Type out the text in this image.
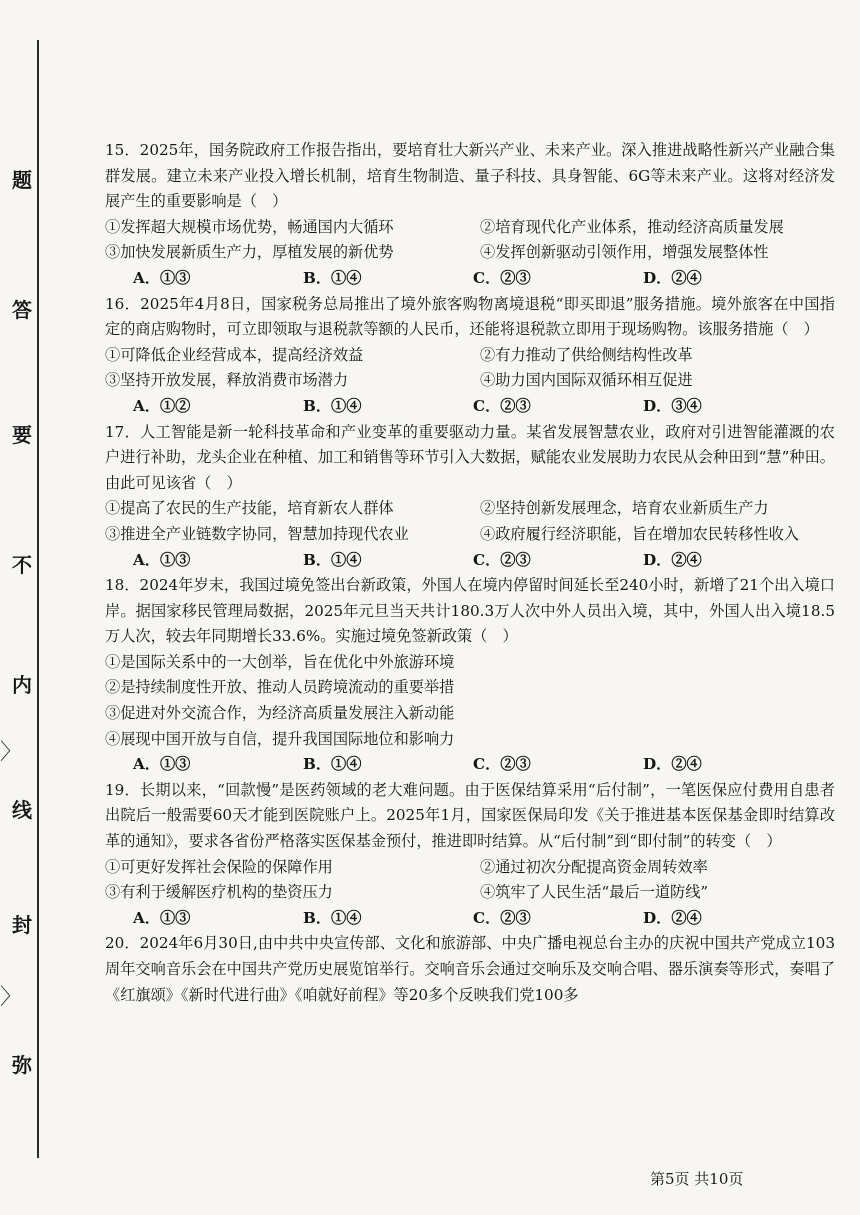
题
答
要
不
内
〉
线
封
〉
弥
15．2025年，国务院政府工作报告指出，要培育壮大新兴产业、未来产业。深入推进战略性新兴产业融合集群发展。建立未来产业投入增长机制，培育生物制造、量子科技、具身智能、6G等未来产业。这将对经济发展产生的重要影响是（　）
①发挥超大规模市场优势，畅通国内大循环	②培育现代化产业体系，推动经济高质量发展
③加快发展新质生产力，厚植发展的新优势	④发挥创新驱动引领作用，增强发展整体性
A．①③	B．①④	C．②③	D．②④
16．2025年4月8日，国家税务总局推出了境外旅客购物离境退税“即买即退”服务措施。境外旅客在中国指定的商店购物时，可立即领取与退税款等额的人民币，还能将退税款立即用于现场购物。该服务措施（　）
①可降低企业经营成本，提高经济效益	②有力推动了供给侧结构性改革
③坚持开放发展，释放消费市场潜力	④助力国内国际双循环相互促进
A．①②	B．①④	C．②③	D．③④
17．人工智能是新一轮科技革命和产业变革的重要驱动力量。某省发展智慧农业，政府对引进智能灌溉的农户进行补助，龙头企业在种植、加工和销售等环节引入大数据，赋能农业发展助力农民从会种田到“慧”种田。由此可见该省（　）
①提高了农民的生产技能，培育新农人群体	②坚持创新发展理念，培育农业新质生产力
③推进全产业链数字协同，智慧加持现代农业	④政府履行经济职能，旨在增加农民转移性收入
A．①③	B．①④	C．②③	D．②④
18．2024年岁末，我国过境免签出台新政策，外国人在境内停留时间延长至240小时，新增了21个出入境口岸。据国家移民管理局数据，2025年元旦当天共计180.3万人次中外人员出入境，其中，外国人出入境18.5万人次，较去年同期增长33.6%。实施过境免签新政策（　）
①是国际关系中的一大创举，旨在优化中外旅游环境
②是持续制度性开放、推动人员跨境流动的重要举措
③促进对外交流合作，为经济高质量发展注入新动能
④展现中国开放与自信，提升我国国际地位和影响力
A．①③	B．①④	C．②③	D．②④
19．长期以来，“回款慢”是医药领域的老大难问题。由于医保结算采用“后付制”，一笔医保应付费用自患者出院后一般需要60天才能到医院账户上。2025年1月，国家医保局印发《关于推进基本医保基金即时结算改革的通知》，要求各省份严格落实医保基金预付，推进即时结算。从“后付制”到“即付制”的转变（　）
①可更好发挥社会保险的保障作用	②通过初次分配提高资金周转效率
③有利于缓解医疗机构的垫资压力	④筑牢了人民生活“最后一道防线”
A．①③	B．①④	C．②③	D．②④
20．2024年6月30日,由中共中央宣传部、文化和旅游部、中央广播电视总台主办的庆祝中国共产党成立103周年交响音乐会在中国共产党历史展览馆举行。交响音乐会通过交响乐及交响合唱、器乐演奏等形式，奏唱了《红旗颂》《新时代进行曲》《咱就好前程》等20多个反映我们党100多
第5页 共10页
